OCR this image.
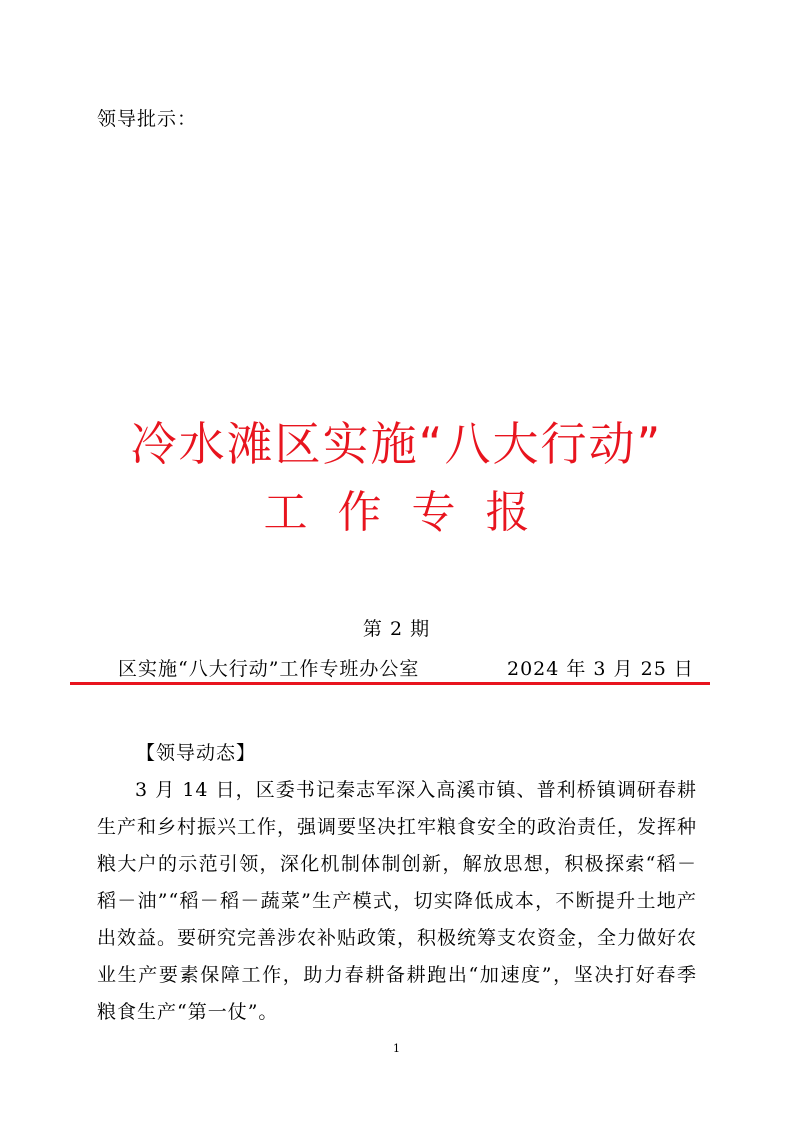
领导批示：
冷水滩区实施“八大行动”
工作专报
第 2 期
区实施“八大行动”工作专班办公室	2024 年 3 月 25 日
【领导动态】

3 月 14 日，区委书记秦志军深入高溪市镇、普利桥镇调研春耕生产和乡村振兴工作，强调要坚决扛牢粮食安全的政治责任，发挥种粮大户的示范引领，深化机制体制创新，解放思想，积极探索“稻－稻－油”“稻－稻－蔬菜”生产模式，切实降低成本，不断提升土地产出效益。要研究完善涉农补贴政策，积极统筹支农资金，全力做好农业生产要素保障工作，助力春耕备耕跑出“加速度”，坚决打好春季粮食生产“第一仗”。

1
